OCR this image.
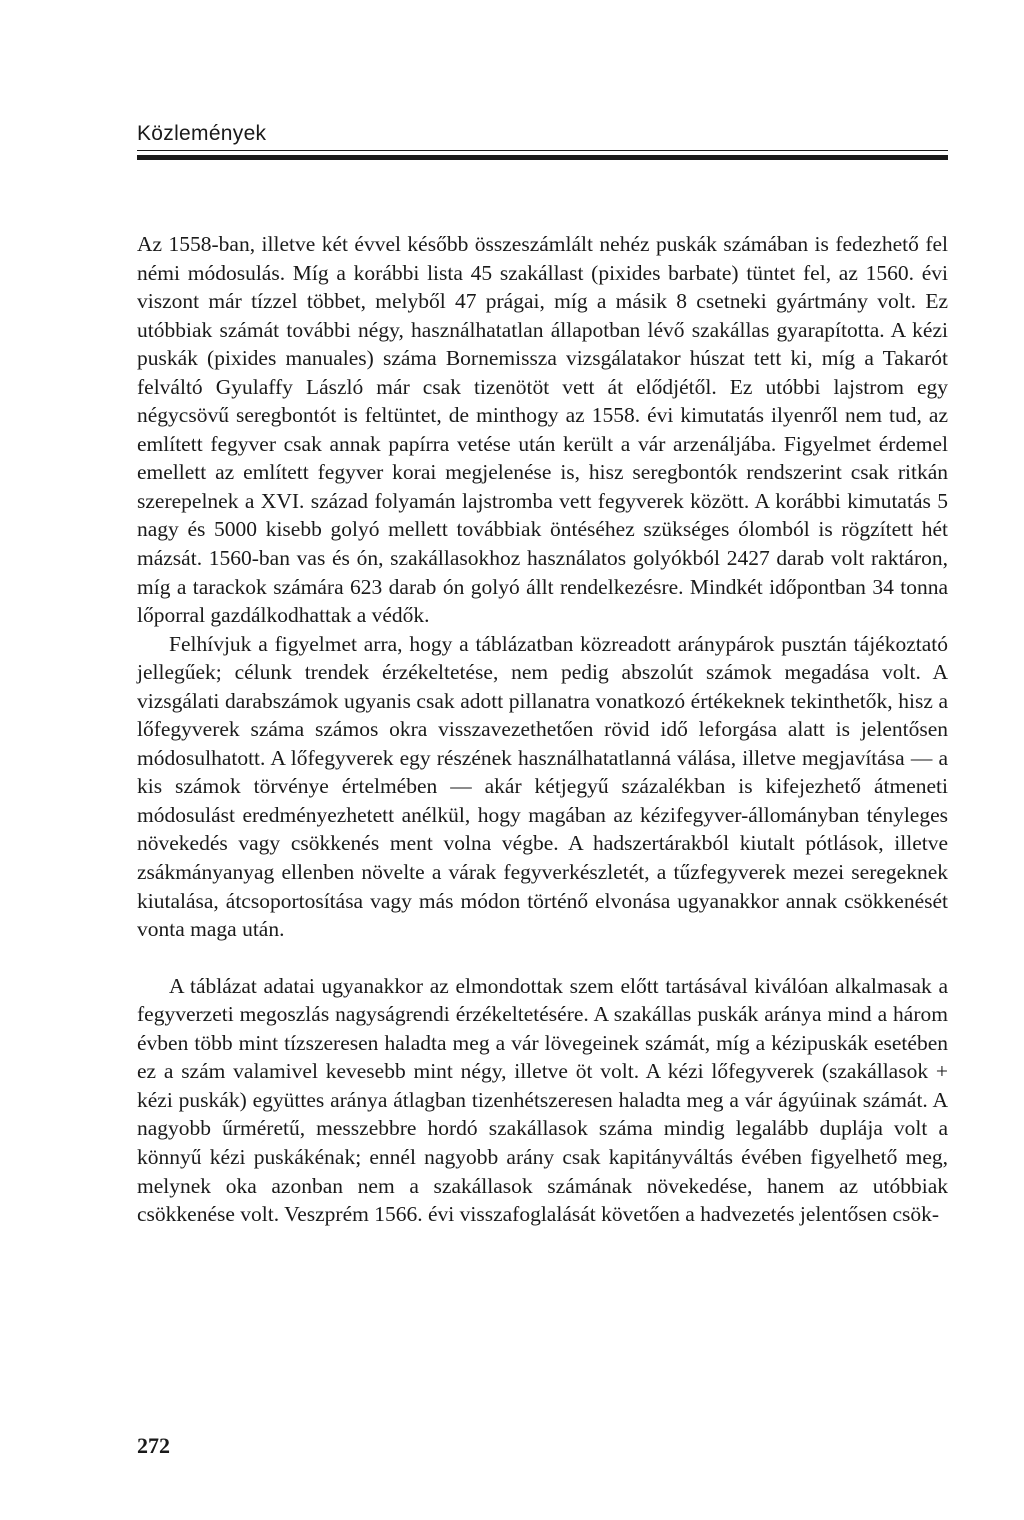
Közlemények

Az 1558-ban, illetve két évvel később összeszámlált nehéz puskák számában is fedezhető fel némi módosulás. Míg a korábbi lista 45 szakállast (pixides barbate) tüntet fel, az 1560. évi viszont már tízzel többet, melyből 47 prágai, míg a másik 8 csetneki gyártmány volt. Ez utóbbiak számát további négy, használhatatlan állapotban lévő szakállas gyarapította. A kézi puskák (pixides manuales) száma Bornemissza vizsgálatakor húszat tett ki, míg a Takarót felváltó Gyulaffy László már csak tizenötöt vett át elődjétől. Ez utóbbi lajstrom egy négycsövű seregbontót is feltüntet, de minthogy az 1558. évi kimutatás ilyenről nem tud, az említett fegyver csak annak papírra vetése után került a vár arzenáljába. Figyelmet érdemel emellett az említett fegyver korai megjelenése is, hisz seregbontók rendszerint csak ritkán szerepelnek a XVI. század folyamán lajstromba vett fegyverek között. A korábbi kimutatás 5 nagy és 5000 kisebb golyó mellett továbbiak öntéséhez szükséges ólomból is rögzített hét mázsát. 1560-ban vas és ón, szakállasokhoz használatos golyókból 2427 darab volt raktáron, míg a tarackok számára 623 darab ón golyó állt rendelkezésre. Mindkét időpontban 34 tonna lőporral gazdálkodhattak a védők.

Felhívjuk a figyelmet arra, hogy a táblázatban közreadott aránypárok pusztán tájékoztató jellegűek; célunk trendek érzékeltetése, nem pedig abszolút számok megadása volt. A vizsgálati darabszámok ugyanis csak adott pillanatra vonatkozó értékeknek tekinthetők, hisz a lőfegyverek száma számos okra visszavezethetően rövid idő leforgása alatt is jelentősen módosulhatott. A lőfegyverek egy részének használhatatlanná válása, illetve megjavítása — a kis számok törvénye értelmében — akár kétjegyű százalékban is kifejezhető átmeneti módosulást eredményezhetett anélkül, hogy magában az kézifegyver-állományban tényleges növekedés vagy csökkenés ment volna végbe. A hadszertárakból kiutalt pótlások, illetve zsákmányanyag ellenben növelte a várak fegyverkészletét, a tűzfegyverek mezei seregeknek kiutalása, átcsoportosítása vagy más módon történő elvonása ugyanakkor annak csökkenését vonta maga után.

A táblázat adatai ugyanakkor az elmondottak szem előtt tartásával kiválóan alkalmasak a fegyverzeti megoszlás nagyságrendi érzékeltetésére. A szakállas puskák aránya mind a három évben több mint tízszeresen haladta meg a vár lövegeinek számát, míg a kézipuskák esetében ez a szám valamivel kevesebb mint négy, illetve öt volt. A kézi lőfegyverek (szakállasok + kézi puskák) együttes aránya átlagban tizenhétszeresen haladta meg a vár ágyúinak számát. A nagyobb űrméretű, messzebbre hordó szakállasok száma mindig legalább duplája volt a könnyű kézi puskákénak; ennél nagyobb arány csak kapitányváltás évében figyelhető meg, melynek oka azonban nem a szakállasok számának növekedése, hanem az utóbbiak csökkenése volt. Veszprém 1566. évi visszafoglalását követően a hadvezetés jelentősen csök-

272
